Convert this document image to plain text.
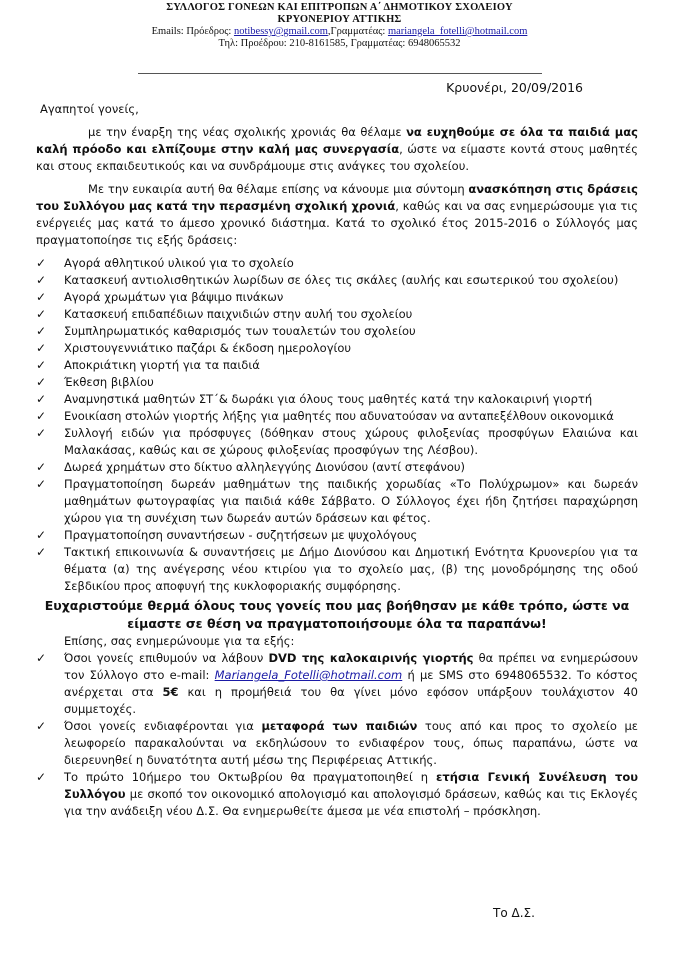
ΣΥΛΛΟΓΟΣ ΓΟΝΕΩΝ ΚΑΙ ΕΠΙΤΡΟΠΩΝ Α΄ ΔΗΜΟΤΙΚΟΥ ΣΧΟΛΕΙΟΥ
ΚΡΥΟΝΕΡΙΟΥ ΑΤΤΙΚΗΣ
Emails: Πρόεδρος: notibessy@gmail.com,Γραμματέας: mariangela_fotelli@hotmail.com
Τηλ: Προέδρου: 210-8161585, Γραμματέας: 6948065532
Κρυονέρι, 20/09/2016
Αγαπητοί γονείς,
με την έναρξη της νέας σχολικής χρονιάς θα θέλαμε να ευχηθούμε σε όλα τα παιδιά μας καλή πρόοδο και ελπίζουμε στην καλή μας συνεργασία, ώστε να είμαστε κοντά στους μαθητές και στους εκπαιδευτικούς και να συνδράμουμε στις ανάγκες του σχολείου.
Με την ευκαιρία αυτή θα θέλαμε επίσης να κάνουμε μια σύντομη ανασκόπηση στις δράσεις του Συλλόγου μας κατά την περασμένη σχολική χρονιά, καθώς και να σας ενημερώσουμε για τις ενέργειές μας κατά το άμεσο χρονικό διάστημα. Κατά το σχολικό έτος 2015-2016 ο Σύλλογός μας πραγματοποίησε τις εξής δράσεις:
✓ Αγορά αθλητικού υλικού για το σχολείο
✓ Κατασκευή αντιολισθητικών λωρίδων σε όλες τις σκάλες (αυλής και εσωτερικού του σχολείου)
✓ Αγορά χρωμάτων για βάψιμο πινάκων
✓ Κατασκευή επιδαπέδιων παιχνιδιών στην αυλή του σχολείου
✓ Συμπληρωματικός καθαρισμός των τουαλετών του σχολείου
✓ Χριστουγεννιάτικο παζάρι & έκδοση ημερολογίου
✓ Αποκριάτικη γιορτή για τα παιδιά
✓ Έκθεση βιβλίου
✓ Αναμνηστικά μαθητών ΣΤ΄& δωράκι για όλους τους μαθητές κατά την καλοκαιρινή γιορτή
✓ Ενοικίαση στολών γιορτής λήξης για μαθητές που αδυνατούσαν να ανταπεξέλθουν οικονομικά
✓ Συλλογή ειδών για πρόσφυγες (δόθηκαν στους χώρους φιλοξενίας προσφύγων Ελαιώνα και Μαλακάσας, καθώς και σε χώρους φιλοξενίας προσφύγων της Λέσβου).
✓ Δωρεά χρημάτων στο δίκτυο αλληλεγγύης Διονύσου (αντί στεφάνου)
✓ Πραγματοποίηση δωρεάν μαθημάτων της παιδικής χορωδίας «Το Πολύχρωμον» και δωρεάν μαθημάτων φωτογραφίας για παιδιά κάθε Σάββατο. Ο Σύλλογος έχει ήδη ζητήσει παραχώρηση χώρου για τη συνέχιση των δωρεάν αυτών δράσεων και φέτος.
✓ Πραγματοποίηση συναντήσεων - συζητήσεων με ψυχολόγους
✓ Τακτική επικοινωνία & συναντήσεις με Δήμο Διονύσου και Δημοτική Ενότητα Κρυονερίου για τα θέματα (α) της ανέγερσης νέου κτιρίου για το σχολείο μας, (β) της μονοδρόμησης της οδού Σεβδικίου προς αποφυγή της κυκλοφοριακής συμφόρησης.
Ευχαριστούμε θερμά όλους τους γονείς που μας βοήθησαν με κάθε τρόπο, ώστε να είμαστε σε θέση να πραγματοποιήσουμε όλα τα παραπάνω!
Επίσης, σας ενημερώνουμε για τα εξής:
✓ Όσοι γονείς επιθυμούν να λάβουν DVD της καλοκαιρινής γιορτής θα πρέπει να ενημερώσουν τον Σύλλογο στο e-mail: Mariangela_Fotelli@hotmail.com ή με SMS στο 6948065532. Το κόστος ανέρχεται στα 5€ και η προμήθειά του θα γίνει μόνο εφόσον υπάρξουν τουλάχιστον 40 συμμετοχές.
✓ Όσοι γονείς ενδιαφέρονται για μεταφορά των παιδιών τους από και προς το σχολείο με λεωφορείο παρακαλούνται να εκδηλώσουν το ενδιαφέρον τους, όπως παραπάνω, ώστε να διερευνηθεί η δυνατότητα αυτή μέσω της Περιφέρειας Αττικής.
✓ Το πρώτο 10ήμερο του Οκτωβρίου θα πραγματοποιηθεί η ετήσια Γενική Συνέλευση του Συλλόγου με σκοπό τον οικονομικό απολογισμό και απολογισμό δράσεων, καθώς και τις Εκλογές για την ανάδειξη νέου Δ.Σ. Θα ενημερωθείτε άμεσα με νέα επιστολή – πρόσκληση.
Το Δ.Σ.
